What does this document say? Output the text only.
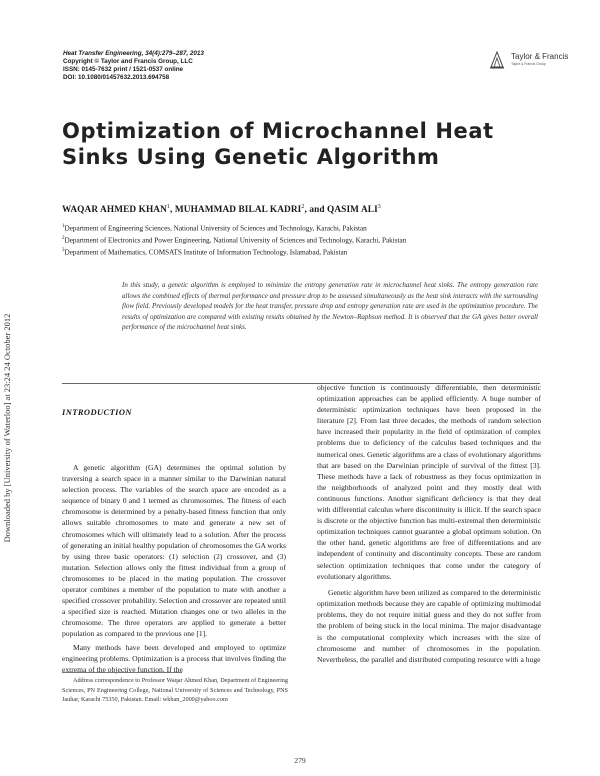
Heat Transfer Engineering, 34(4):279–287, 2013
Copyright © Taylor and Francis Group, LLC
ISSN: 0145-7632 print / 1521-0537 online
DOI: 10.1080/01457632.2013.694758
Taylor & Francis
Taylor & Francis Group
Optimization of Microchannel Heat Sinks Using Genetic Algorithm
WAQAR AHMED KHAN$^1$, MUHAMMAD BILAL KADRI$^2$, and QASIM ALI$^3$
$^1$Department of Engineering Sciences, National University of Sciences and Technology, Karachi, Pakistan
$^2$Department of Electronics and Power Engineering, National University of Sciences and Technology, Karachi, Pakistan
$^3$Department of Mathematics, COMSATS Institute of Information Technology, Islamabad, Pakistan
Downloaded by [University of Waterloo] at 23:24 24 October 2012
In this study, a genetic algorithm is employed to minimize the entropy generation rate in microchannel heat sinks. The entropy generation rate allows the combined effects of thermal performance and pressure drop to be assessed simultaneously as the heat sink interacts with the surrounding flow field. Previously developed models for the heat transfer, pressure drop and entropy generation rate are used in the optimization procedure. The results of optimization are compared with existing results obtained by the Newton–Raphson method. It is observed that the GA gives better overall performance of the microchannel heat sinks.
INTRODUCTION

A genetic algorithm (GA) determines the optimal solution by traversing a search space in a manner similar to the Darwinian natural selection process. The variables of the search space are encoded as a sequence of binary 0 and 1 termed as chromosomes. The fitness of each chromosome is determined by a penalty-based fitness function that only allows suitable chromosomes to mate and generate a new set of chromosomes which will ultimately lead to a solution. After the process of generating an initial healthy population of chromosomes the GA works by using three basic operators: (1) selection (2) crossover, and (3) mutation. Selection allows only the fittest individual from a group of chromosomes to be placed in the mating population. The crossover operator combines a member of the population to mate with another a specified crossover probability. Selection and crossover are repeated until a specified size is reached. Mutation changes one or two alleles in the chromosome. The three operators are applied to generate a better population as compared to the previous one [1].

Many methods have been developed and employed to optimize engineering problems. Optimization is a process that involves finding the extrema of the objective function. If the

objective function is continuously differentiable, then deterministic optimization approaches can be applied efficiently. A huge number of deterministic optimization techniques have been proposed in the literature [2]. From last three decades, the methods of random selection have increased their popularity in the field of optimization of complex problems due to deficiency of the calculus based techniques and the numerical ones. Genetic algorithms are a class of evolutionary algorithms that are based on the Darwinian principle of survival of the fittest [3]. These methods have a lack of robustness as they focus optimization in the neighborhoods of analyzed point and they mostly deal with continuous functions. Another significant deficiency is that they deal with differential calculus where discontinuity is illicit. If the search space is discrete or the objective function has multi-extremal then deterministic optimization techniques cannot guarantee a global optimum solution. On the other hand, genetic algorithms are free of differentiations and are independent of continuity and discontinuity concepts. These are random selection optimization techniques that come under the category of evolutionary algorithms.

Genetic algorithm have been utilized as compared to the deterministic optimization methods because they are capable of optimizing multimodal problems, they do not require initial guess and they do not suffer from the problem of being stuck in the local minima. The major disadvantage is the computational complexity which increases with the size of chromosome and number of chromosomes in the population. Nevertheless, the parallel and distributed computing resource with a huge

Address correspondence to Professor Waqar Ahmed Khan, Department of Engineering Sciences, PN Engineering College, National University of Sciences and Technology, PNS Jauhar, Karachi 75350, Pakistan. Email: wkhan_2000@yahoo.com
279
